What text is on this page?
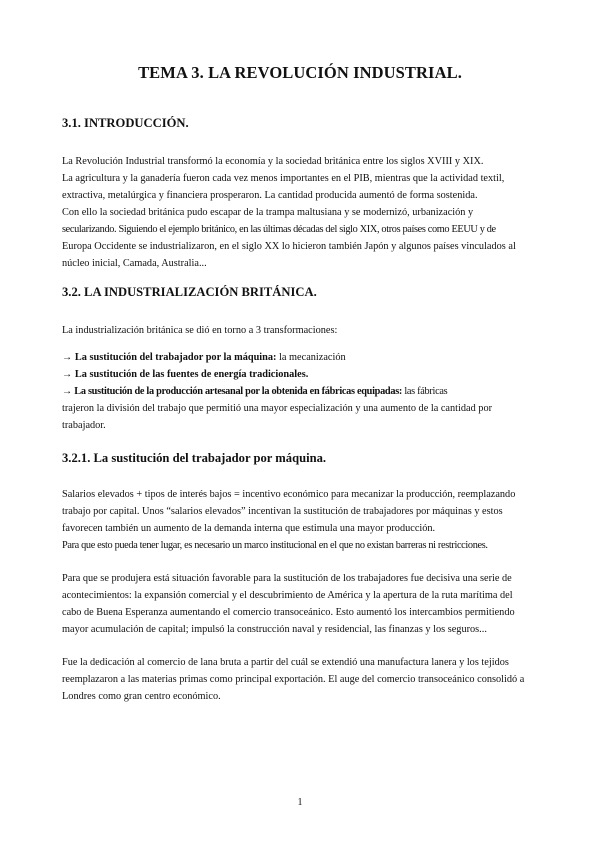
TEMA 3. LA REVOLUCIÓN INDUSTRIAL.
3.1. INTRODUCCIÓN.
La Revolución Industrial transformó la economía y la sociedad británica entre los siglos XVIII y XIX.
La agricultura y la ganadería fueron cada vez menos importantes en el PIB, mientras que la actividad textil,
extractiva, metalúrgica y financiera prosperaron. La cantidad producida aumentó de forma sostenida.
Con ello la sociedad británica pudo escapar de la trampa maltusiana y se modernizó, urbanización y
secularizando. Siguiendo el ejemplo británico, en las últimas décadas del siglo XIX, otros países como EEUU y de
Europa Occidente se industrializaron, en el siglo XX lo hicieron también Japón y algunos países vinculados al
núcleo inicial, Camada, Australia...
3.2. LA INDUSTRIALIZACIÓN BRITÁNICA.

La industrialización británica se dió en torno a 3 transformaciones:

→ La sustitución del trabajador por la máquina: la mecanización
→ La sustitución de las fuentes de energía tradicionales.
→ La sustitución de la producción artesanal por la obtenida en fábricas equipadas: las fábricas
trajeron la división del trabajo que permitió una mayor especialización y una aumento de la cantidad por
trabajador.
3.2.1. La sustitución del trabajador por máquina.
Salarios elevados + tipos de interés bajos = incentivo económico para mecanizar la producción, reemplazando
trabajo por capital. Unos “salarios elevados” incentivan la sustitución de trabajadores por máquinas y estos
favorecen también un aumento de la demanda interna que estimula una mayor producción.
Para que esto pueda tener lugar, es necesario un marco institucional en el que no existan barreras ni restricciones.
Para que se produjera está situación favorable para la sustitución de los trabajadores fue decisiva una serie de
acontecimientos: la expansión comercial y el descubrimiento de América y la apertura de la ruta marítima del
cabo de Buena Esperanza aumentando el comercio transoceánico. Esto aumentó los intercambios permitiendo
mayor acumulación de capital; impulsó la construcción naval y residencial, las finanzas y los seguros...
Fue la dedicación al comercio de lana bruta a partir del cuál se extendió una manufactura lanera y los tejidos
reemplazaron a las materias primas como principal exportación. El auge del comercio transoceánico consolidó a
Londres como gran centro económico.
1
